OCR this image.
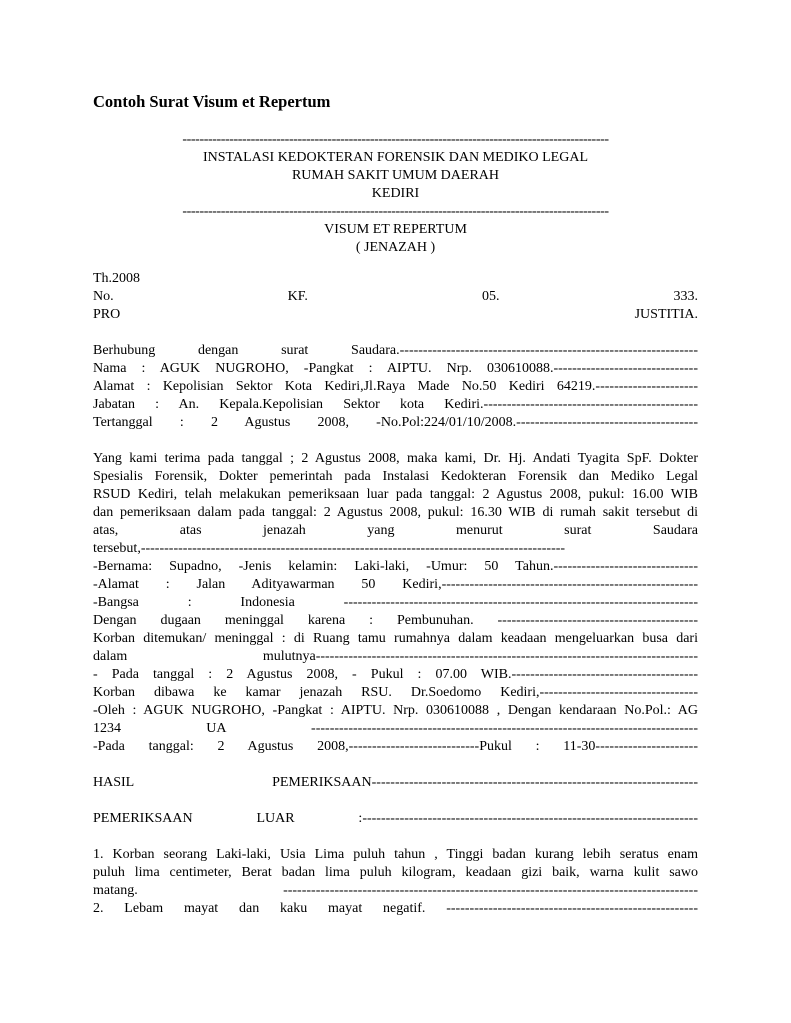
Contoh Surat Visum et Repertum
----------------------------------------------------------------------------------------------------
INSTALASI KEDOKTERAN FORENSIK DAN MEDIKO LEGAL
RUMAH SAKIT UMUM DAERAH
KEDIRI
----------------------------------------------------------------------------------------------------
VISUM ET REPERTUM
( JENAZAH )
Th.2008
No.	KF.	05.	333.
PRO	JUSTITIA.
Berhubung dengan surat Saudara.----------------------------------------------------------------
Nama : AGUK NUGROHO, -Pangkat : AIPTU. Nrp. 030610088.-------------------------------
Alamat : Kepolisian Sektor Kota Kediri,Jl.Raya Made No.50 Kediri 64219.----------------------
Jabatan : An. Kepala.Kepolisian Sektor kota Kediri.----------------------------------------------
Tertanggal : 2 Agustus 2008, -No.Pol:224/01/10/2008.---------------------------------------
Yang kami terima pada tanggal ; 2 Agustus 2008, maka kami, Dr. Hj. Andati Tyagita SpF. Dokter
Spesialis Forensik, Dokter pemerintah pada Instalasi Kedokteran Forensik dan Mediko Legal
RSUD Kediri, telah melakukan pemeriksaan luar pada tanggal: 2 Agustus 2008, pukul: 16.00 WIB
dan pemeriksaan dalam pada tanggal: 2 Agustus 2008, pukul: 16.30 WIB di rumah sakit tersebut di
atas, atas jenazah yang menurut surat Saudara
tersebut,-------------------------------------------------------------------------------------------
-Bernama: Supadno, -Jenis kelamin: Laki-laki, -Umur: 50 Tahun.-------------------------------
-Alamat : Jalan Adityawarman 50 Kediri,-------------------------------------------------------
-Bangsa : Indonesia ----------------------------------------------------------------------------
Dengan dugaan meninggal karena : Pembunuhan. -------------------------------------------
Korban ditemukan/ meninggal : di Ruang tamu rumahnya dalam keadaan mengeluarkan busa dari
dalam mulutnya----------------------------------------------------------------------------------
- Pada tanggal : 2 Agustus 2008, - Pukul : 07.00 WIB.----------------------------------------
Korban dibawa ke kamar jenazah RSU. Dr.Soedomo Kediri,----------------------------------
-Oleh : AGUK NUGROHO, -Pangkat : AIPTU. Nrp. 030610088 , Dengan kendaraan No.Pol.: AG
1234 UA -----------------------------------------------------------------------------------
-Pada tanggal: 2 Agustus 2008,----------------------------Pukul : 11-30----------------------
HASIL PEMERIKSAAN----------------------------------------------------------------------
PEMERIKSAAN LUAR :------------------------------------------------------------------------
1. Korban seorang Laki-laki, Usia Lima puluh tahun , Tinggi badan kurang lebih seratus enam
puluh lima centimeter, Berat badan lima puluh kilogram, keadaan gizi baik, warna kulit sawo
matang. -----------------------------------------------------------------------------------------
2. Lebam mayat dan kaku mayat negatif. ------------------------------------------------------
